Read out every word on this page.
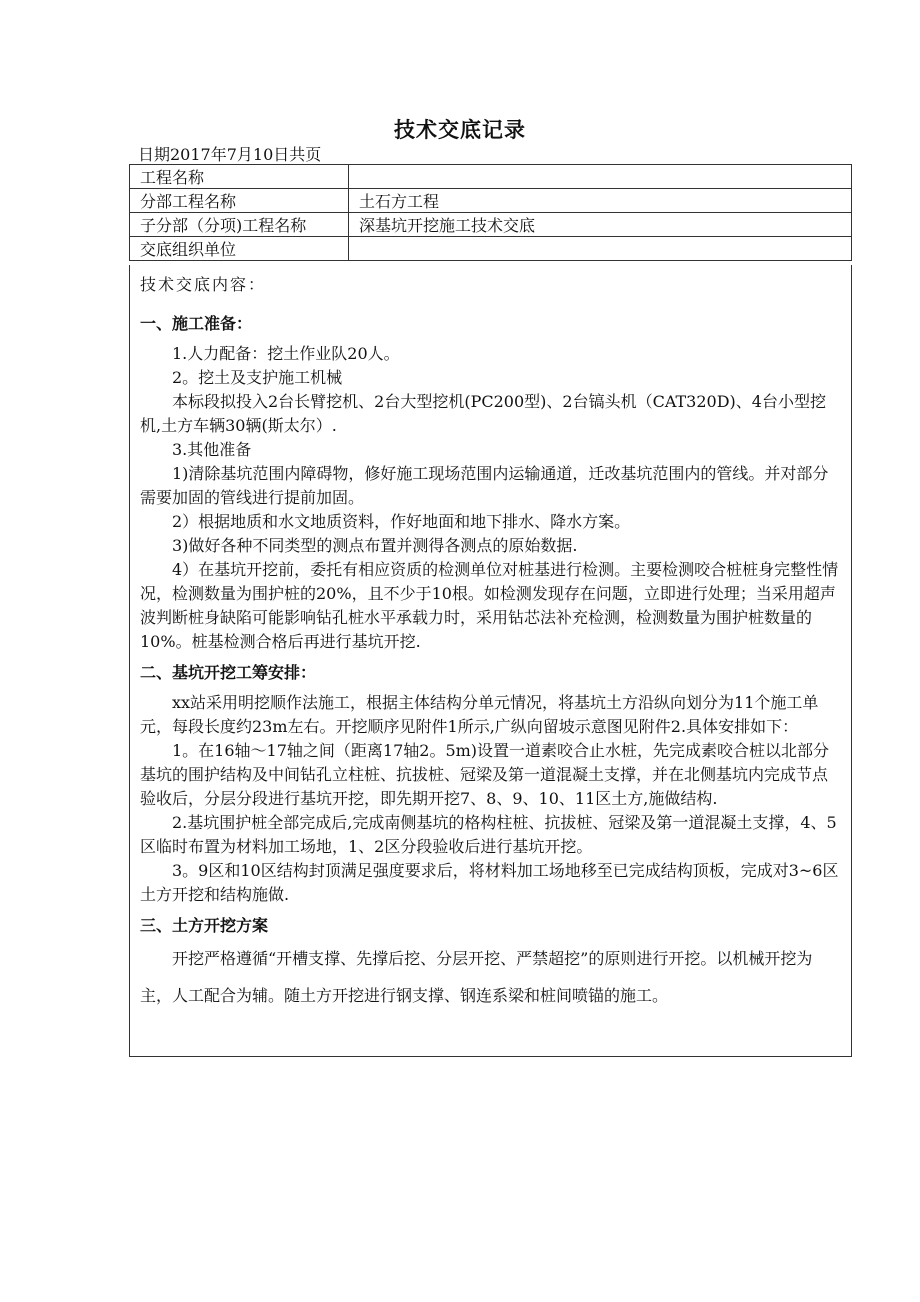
技术交底记录
日期2017年7月10日共页
工程名称	
分部工程名称	土石方工程
子分部（分项)工程名称	深基坑开挖施工技术交底
交底组织单位	

技术交底内容：

一、施工准备：

1.人力配备：挖土作业队20人。

2。挖土及支护施工机械

本标段拟投入2台长臂挖机、2台大型挖机(PC200型)、2台镐头机（CAT320D)、4台小型挖机,土方车辆30辆(斯太尔）.

3.其他准备

1)清除基坑范围内障碍物，修好施工现场范围内运输通道，迁改基坑范围内的管线。并对部分需要加固的管线进行提前加固。

2）根据地质和水文地质资料，作好地面和地下排水、降水方案。

3)做好各种不同类型的测点布置并测得各测点的原始数据.

4）在基坑开挖前，委托有相应资质的检测单位对桩基进行检测。主要检测咬合桩桩身完整性情况，检测数量为围护桩的20%，且不少于10根。如检测发现存在问题，立即进行处理；当采用超声波判断桩身缺陷可能影响钻孔桩水平承载力时，采用钻芯法补充检测，检测数量为围护桩数量的10%。桩基检测合格后再进行基坑开挖.

二、基坑开挖工筹安排：

xx站采用明挖顺作法施工，根据主体结构分单元情况，将基坑土方沿纵向划分为11个施工单元，每段长度约23m左右。开挖顺序见附件1所示,广纵向留坡示意图见附件2.具体安排如下：

1。在16轴～17轴之间（距离17轴2。5m)设置一道素咬合止水桩，先完成素咬合桩以北部分基坑的围护结构及中间钻孔立柱桩、抗拔桩、冠梁及第一道混凝土支撑，并在北侧基坑内完成节点验收后，分层分段进行基坑开挖，即先期开挖7、8、9、10、11区土方,施做结构.

2.基坑围护桩全部完成后,完成南侧基坑的格构柱桩、抗拔桩、冠梁及第一道混凝土支撑，4、5区临时布置为材料加工场地，1、2区分段验收后进行基坑开挖。

3。9区和10区结构封顶满足强度要求后，将材料加工场地移至已完成结构顶板，完成对3~6区土方开挖和结构施做.

三、土方开挖方案

开挖严格遵循“开槽支撑、先撑后挖、分层开挖、严禁超挖”的原则进行开挖。以机械开挖为主，人工配合为辅。随土方开挖进行钢支撑、钢连系梁和桩间喷锚的施工。
